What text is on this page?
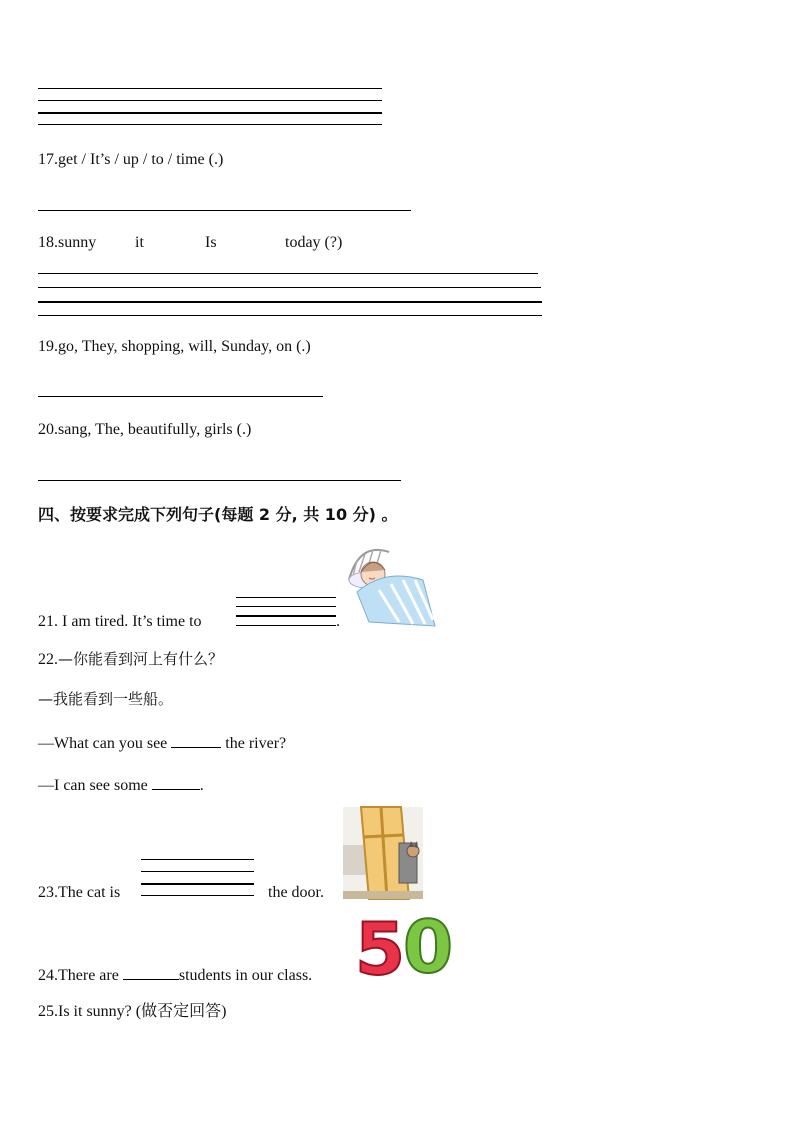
17.get / It’s / up / to / time (.)
18.sunny it	Is	today (?)
19.go, They, shopping, will, Sunday, on (.)
20.sang, The, beautifully, girls (.)
四、按要求完成下列句子(每题 2 分, 共 10 分) 。
21. I am tired. It’s time to	.
22.—你能看到河上有什么？
—我能看到一些船。
—What can you see	the river?
—I can see some	.
23.The cat is	the door.
5
0
24.There are	students in our class.
25.Is it sunny? (做否定回答)
